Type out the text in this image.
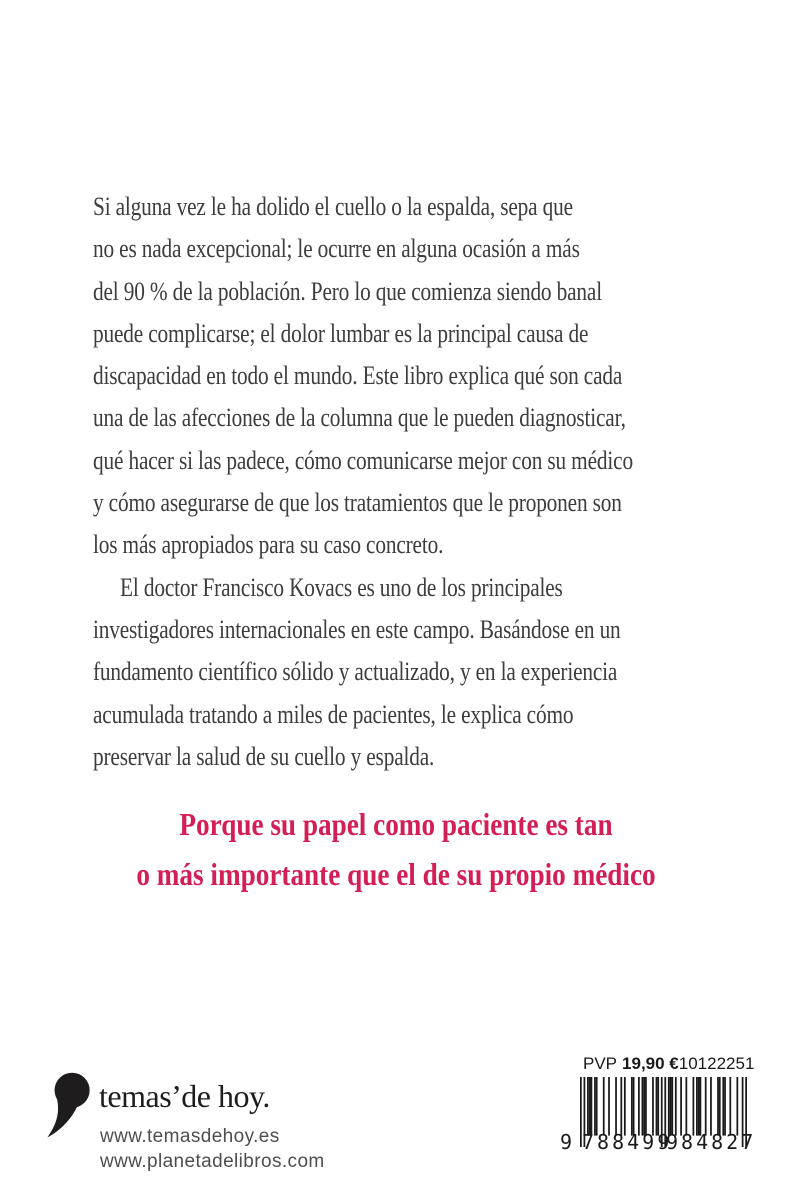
Si alguna vez le ha dolido el cuello o la espalda, sepa que
no es nada excepcional; le ocurre en alguna ocasión a más
del 90 % de la población. Pero lo que comienza siendo banal
puede complicarse; el dolor lumbar es la principal causa de
discapacidad en todo el mundo. Este libro explica qué son cada
una de las afecciones de la columna que le pueden diagnosticar,
qué hacer si las padece, cómo comunicarse mejor con su médico
y cómo asegurarse de que los tratamientos que le proponen son
los más apropiados para su caso concreto.
El doctor Francisco Kovacs es uno de los principales
investigadores internacionales en este campo. Basándose en un
fundamento científico sólido y actualizado, y en la experiencia
acumulada tratando a miles de pacientes, le explica cómo
preservar la salud de su cuello y espalda.
Porque su papel como paciente es tan
o más importante que el de su propio médico
temas’de hoy.
www.temasdehoy.es
www.planetadelibros.com
PVP 19,90 € 10122251
9 788499
984827
